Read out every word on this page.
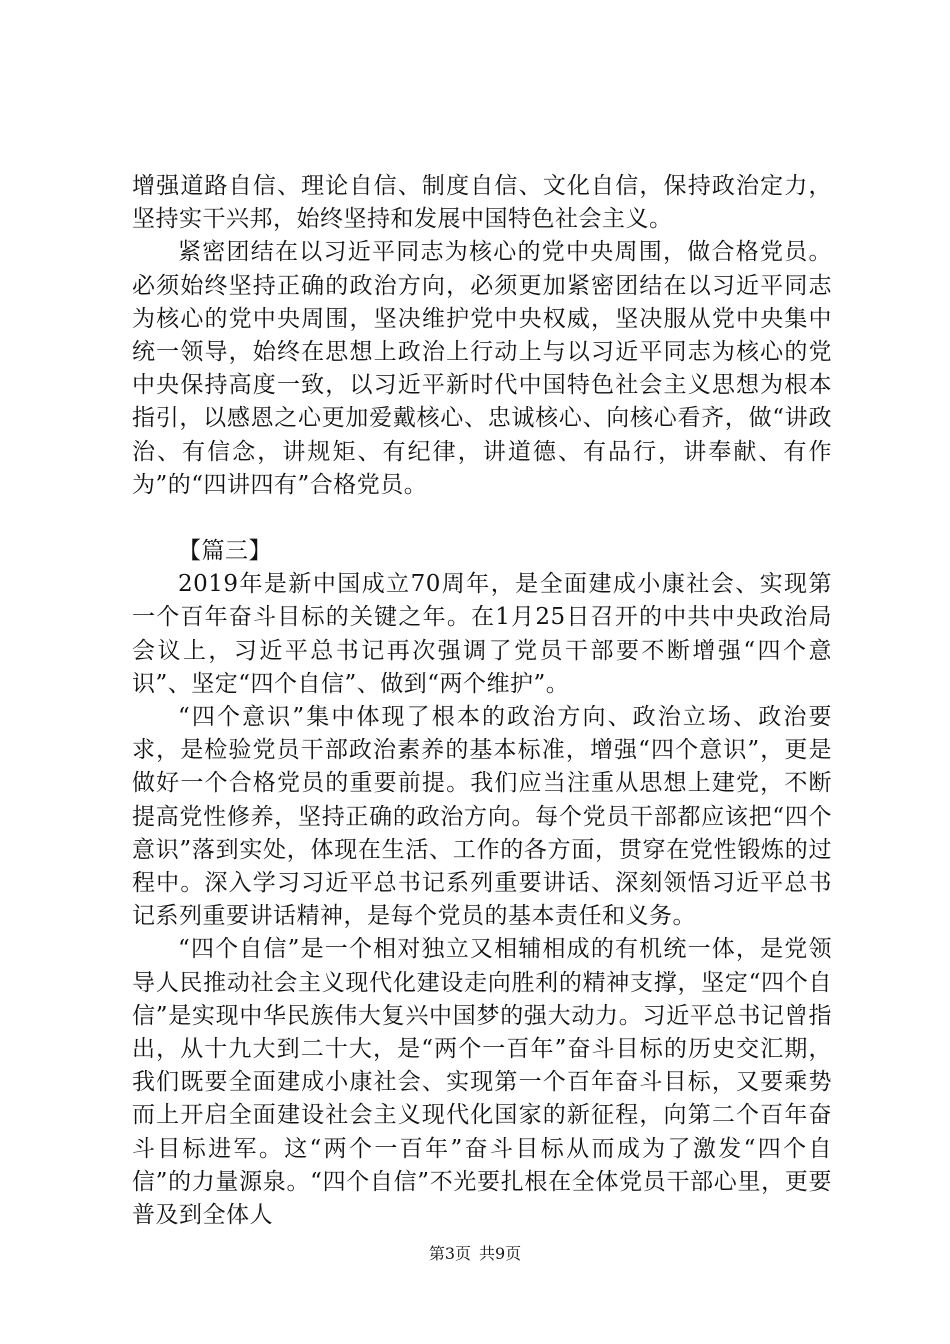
增强道路自信、理论自信、制度自信、文化自信，保持政治定力，坚持实干兴邦，始终坚持和发展中国特色社会主义。

紧密团结在以习近平同志为核心的党中央周围，做合格党员。必须始终坚持正确的政治方向，必须更加紧密团结在以习近平同志为核心的党中央周围，坚决维护党中央权威，坚决服从党中央集中统一领导，始终在思想上政治上行动上与以习近平同志为核心的党中央保持高度一致，以习近平新时代中国特色社会主义思想为根本指引，以感恩之心更加爱戴核心、忠诚核心、向核心看齐，做“讲政治、有信念，讲规矩、有纪律，讲道德、有品行，讲奉献、有作为”的“四讲四有”合格党员。

【篇三】

2019年是新中国成立70周年，是全面建成小康社会、实现第一个百年奋斗目标的关键之年。在1月25日召开的中共中央政治局会议上，习近平总书记再次强调了党员干部要不断增强“四个意识”、坚定“四个自信”、做到“两个维护”。

“四个意识”集中体现了根本的政治方向、政治立场、政治要求，是检验党员干部政治素养的基本标准，增强“四个意识”，更是做好一个合格党员的重要前提。我们应当注重从思想上建党，不断提高党性修养，坚持正确的政治方向。每个党员干部都应该把“四个意识”落到实处，体现在生活、工作的各方面，贯穿在党性锻炼的过程中。深入学习习近平总书记系列重要讲话、深刻领悟习近平总书记系列重要讲话精神，是每个党员的基本责任和义务。

“四个自信”是一个相对独立又相辅相成的有机统一体，是党领导人民推动社会主义现代化建设走向胜利的精神支撑，坚定“四个自信”是实现中华民族伟大复兴中国梦的强大动力。习近平总书记曾指出，从十九大到二十大，是“两个一百年”奋斗目标的历史交汇期，我们既要全面建成小康社会、实现第一个百年奋斗目标，又要乘势而上开启全面建设社会主义现代化国家的新征程，向第二个百年奋斗目标进军。这“两个一百年”奋斗目标从而成为了激发“四个自信”的力量源泉。“四个自信”不光要扎根在全体党员干部心里，更要普及到全体人

第3页 共9页
